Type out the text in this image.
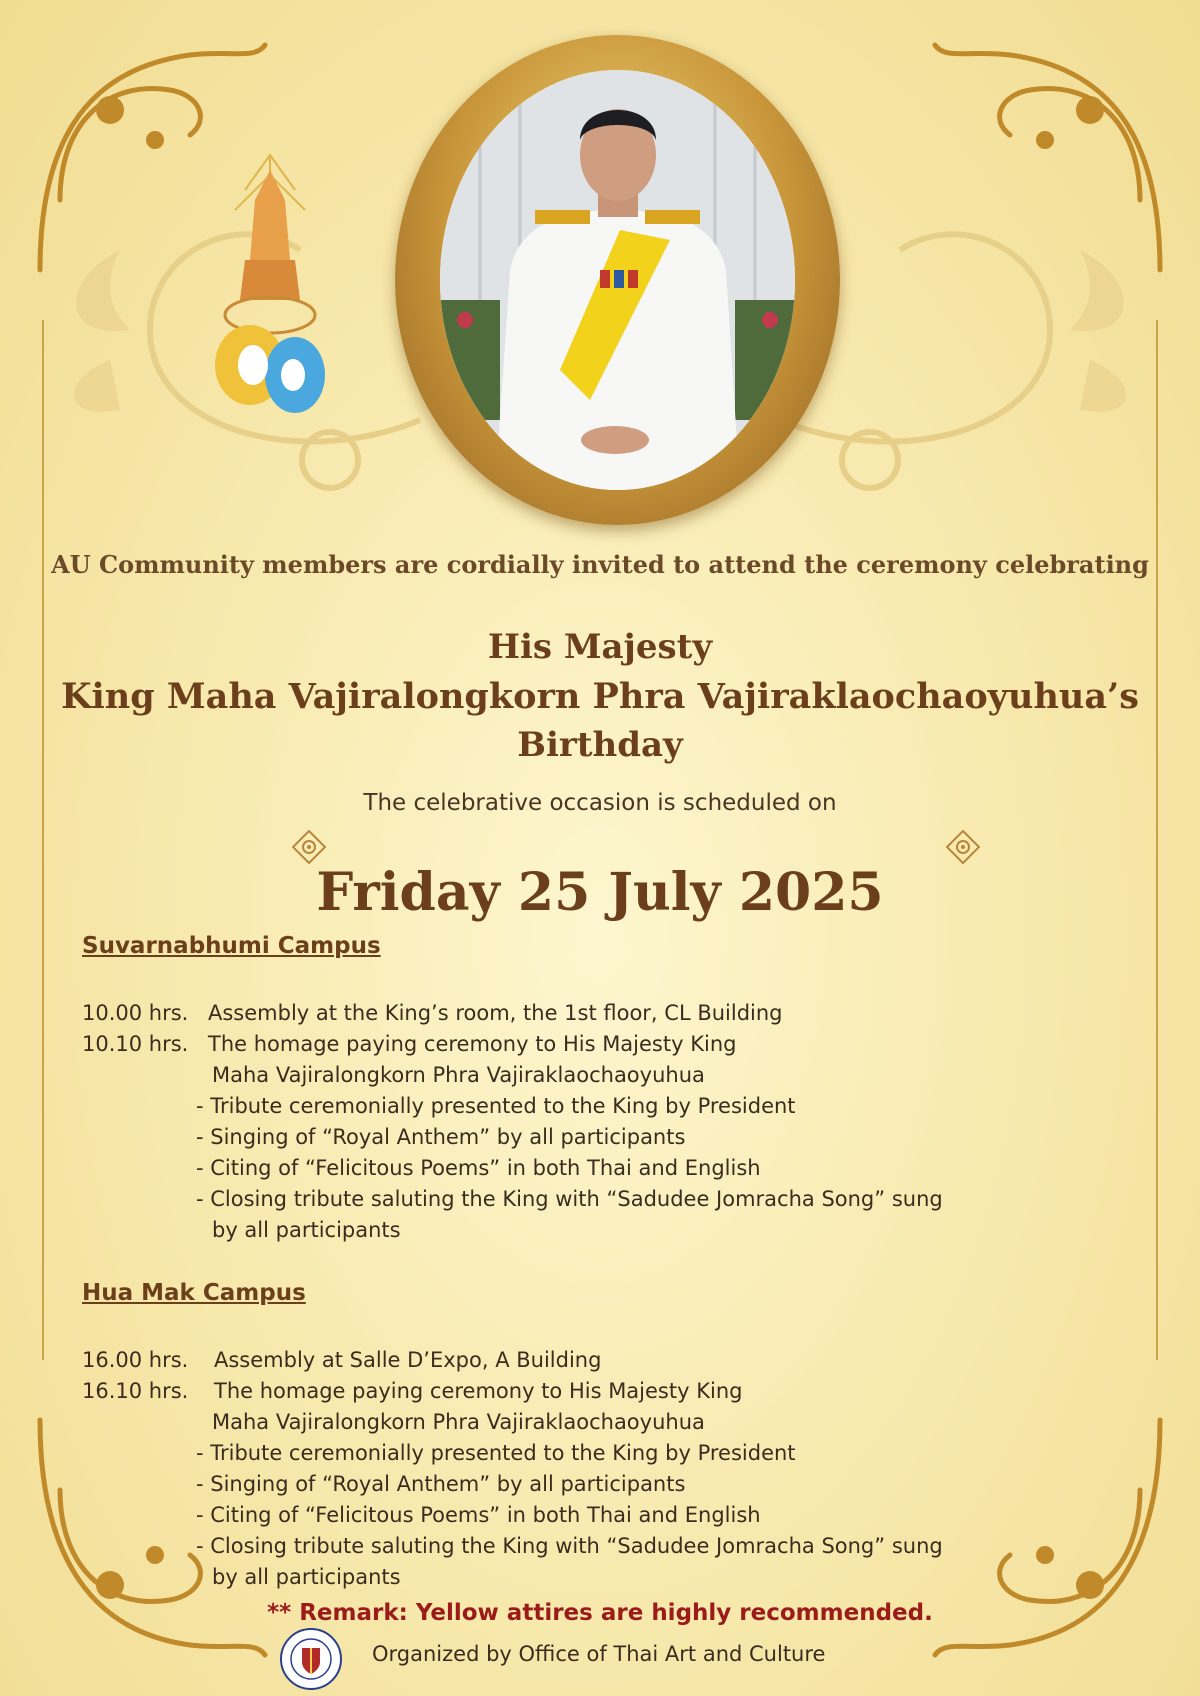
AU Community members are cordially invited to attend the ceremony celebrating
His Majesty
King Maha Vajiralongkorn Phra Vajiraklaochaoyuhua’s
Birthday
The celebrative occasion is scheduled on
Friday 25 July 2025
Suvarnabhumi Campus
10.00 hrs. Assembly at the King’s room, the 1st floor, CL Building
10.10 hrs. The homage paying ceremony to His Majesty King
Maha Vajiralongkorn Phra Vajiraklaochaoyuhua
- Tribute ceremonially presented to the King by President
- Singing of “Royal Anthem” by all participants
- Citing of “Felicitous Poems” in both Thai and English
- Closing tribute saluting the King with “Sadudee Jomracha Song” sung
by all participants
Hua Mak Campus
16.00 hrs.	Assembly at Salle D’Expo, A Building
16.10 hrs.	The homage paying ceremony to His Majesty King
Maha Vajiralongkorn Phra Vajiraklaochaoyuhua
- Tribute ceremonially presented to the King by President
- Singing of “Royal Anthem” by all participants
- Citing of “Felicitous Poems” in both Thai and English
- Closing tribute saluting the King with “Sadudee Jomracha Song” sung
by all participants
** Remark: Yellow attires are highly recommended.
Organized by Office of Thai Art and Culture
